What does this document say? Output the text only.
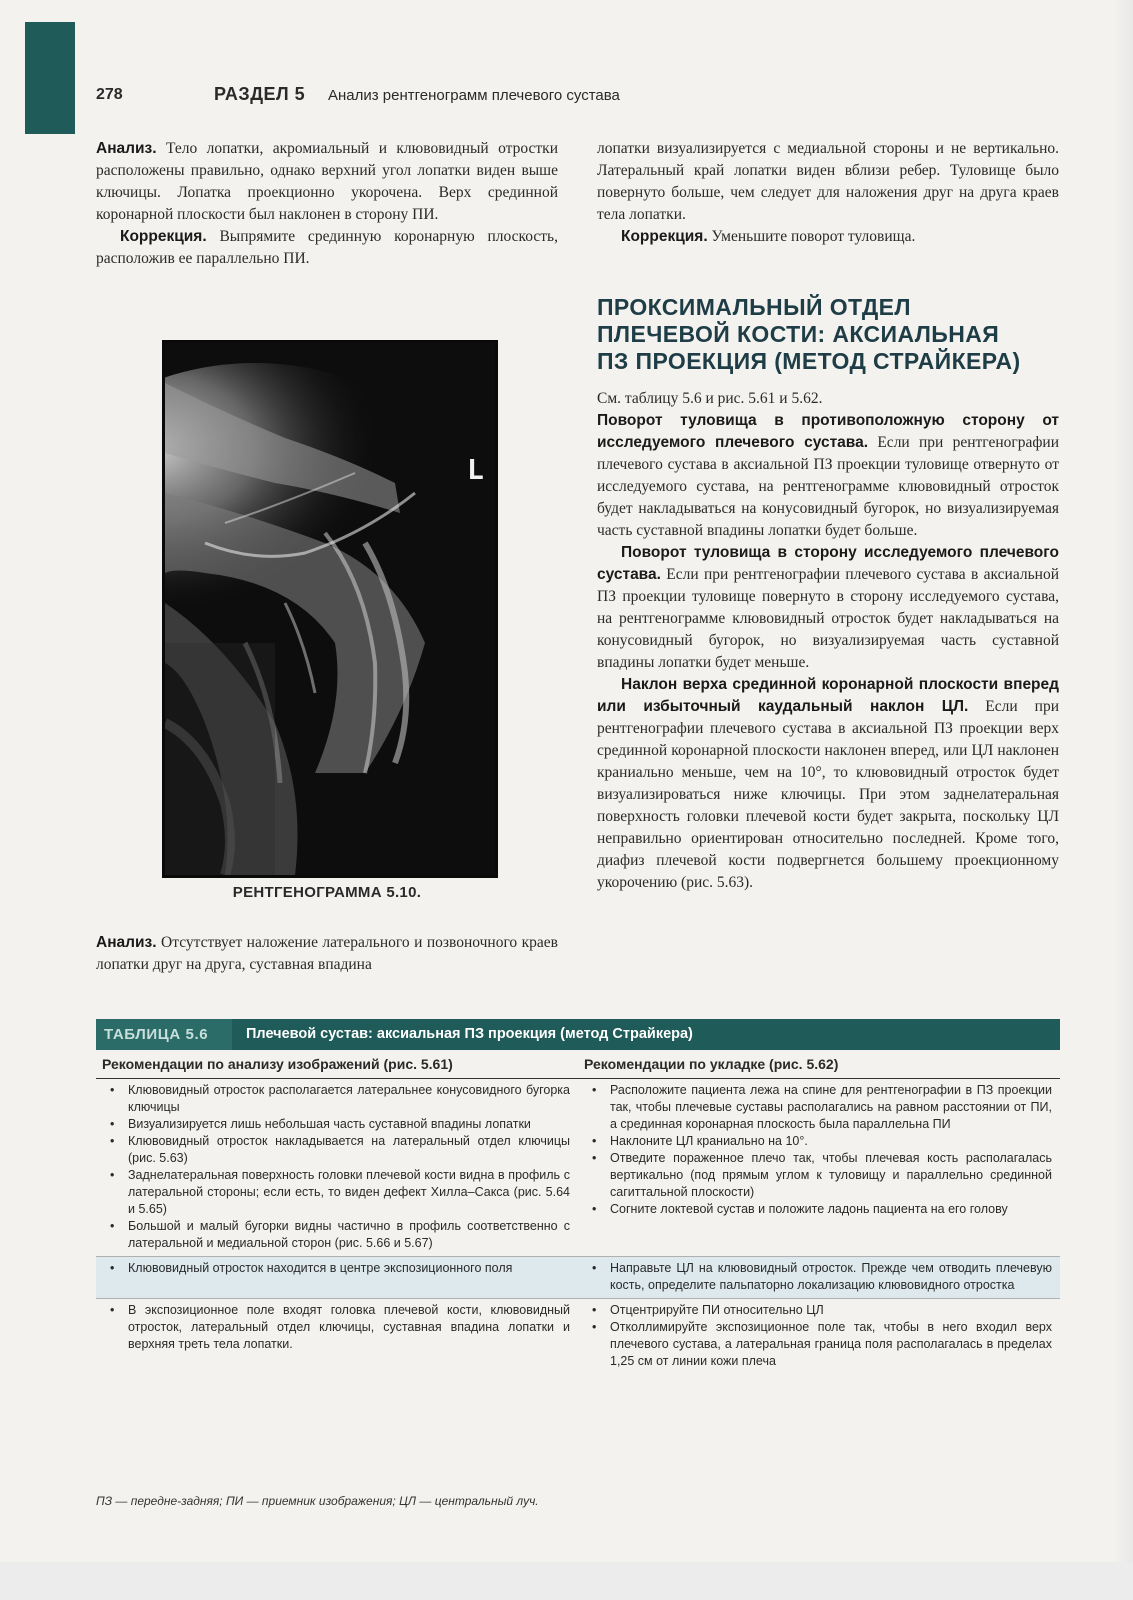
278	РАЗДЕЛ 5 Анализ рентгенограмм плечевого сустава

Анализ. Тело лопатки, акромиальный и клювовидный отростки расположены правильно, однако верхний угол лопатки виден выше ключицы. Лопатка проекционно укорочена. Верх срединной коронарной плоскости был наклонен в сторону ПИ.

Коррекция. Выпрямите срединную коронарную плоскость, расположив ее параллельно ПИ.

L
РЕНТГЕНОГРАММА 5.10.

Анализ. Отсутствует наложение латерального и позвоночного краев лопатки друг на друга, суставная впадина

лопатки визуализируется с медиальной стороны и не вертикально. Латеральный край лопатки виден вблизи ребер. Туловище было повернуто больше, чем следует для наложения друг на друга краев тела лопатки.

Коррекция. Уменьшите поворот туловища.

ПРОКСИМАЛЬНЫЙ ОТДЕЛ
ПЛЕЧЕВОЙ КОСТИ: АКСИАЛЬНАЯ
ПЗ ПРОЕКЦИЯ (МЕТОД СТРАЙКЕРА)

См. таблицу 5.6 и рис. 5.61 и 5.62.

Поворот туловища в противоположную сторону от исследуемого плечевого сустава. Если при рентгенографии плечевого сустава в аксиальной ПЗ проекции туловище отвернуто от исследуемого сустава, на рентгенограмме клювовидный отросток будет накладываться на конусовидный бугорок, но визуализируемая часть суставной впадины лопатки будет больше.

Поворот туловища в сторону исследуемого плечевого сустава. Если при рентгенографии плечевого сустава в аксиальной ПЗ проекции туловище повернуто в сторону исследуемого сустава, на рентгенограмме клювовидный отросток будет накладываться на конусовидный бугорок, но визуализируемая часть суставной впадины лопатки будет меньше.

Наклон верха срединной коронарной плоскости вперед или избыточный каудальный наклон ЦЛ. Если при рентгенографии плечевого сустава в аксиальной ПЗ проекции верх срединной коронарной плоскости наклонен вперед, или ЦЛ наклонен краниально меньше, чем на 10°, то клювовидный отросток будет визуализироваться ниже ключицы. При этом заднелатеральная поверхность головки плечевой кости будет закрыта, поскольку ЦЛ неправильно ориентирован относительно последней. Кроме того, диафиз плечевой кости подвергнется большему проекционному укорочению (рис. 5.63).

ТАБЛИЦА 5.6	Плечевой сустав: аксиальная ПЗ проекция (метод Страйкера)
Рекомендации по анализу изображений (рис. 5.61)	Рекомендации по укладке (рис. 5.62)
• Клювовидный отросток располагается латеральнее конусовидного бугорка ключицы
• Визуализируется лишь небольшая часть суставной впадины лопатки
• Клювовидный отросток накладывается на латеральный отдел ключицы (рис. 5.63)
• Заднелатеральная поверхность головки плечевой кости видна в профиль с латеральной стороны; если есть, то виден дефект Хилла–Сакса (рис. 5.64 и 5.65)
• Большой и малый бугорки видны частично в профиль соответственно с латеральной и медиальной сторон (рис. 5.66 и 5.67)
• Расположите пациента лежа на спине для рентгенографии в ПЗ проекции так, чтобы плечевые суставы располагались на равном расстоянии от ПИ, а срединная коронарная плоскость была параллельна ПИ
• Наклоните ЦЛ краниально на 10°.
• Отведите пораженное плечо так, чтобы плечевая кость располагалась вертикально (под прямым углом к туловищу и параллельно срединной сагиттальной плоскости)
• Согните локтевой сустав и положите ладонь пациента на его голову
• Клювовидный отросток находится в центре экспозиционного поля
•	Направьте ЦЛ на клювовидный отросток. Прежде чем отводить плечевую кость, определите пальпаторно локализацию клювовидного отростка
• В экспозиционное поле входят головка плечевой кости, клювовидный отросток, латеральный отдел ключицы, суставная впадина лопатки и верхняя треть тела лопатки.
• Отцентрируйте ПИ относительно ЦЛ
• Отколлимируйте экспозиционное поле так, чтобы в него входил верх плечевого сустава, а латеральная граница поля располагалась в пределах 1,25 см от линии кожи плеча
ПЗ — передне-задняя; ПИ — приемник изображения; ЦЛ — центральный луч.
